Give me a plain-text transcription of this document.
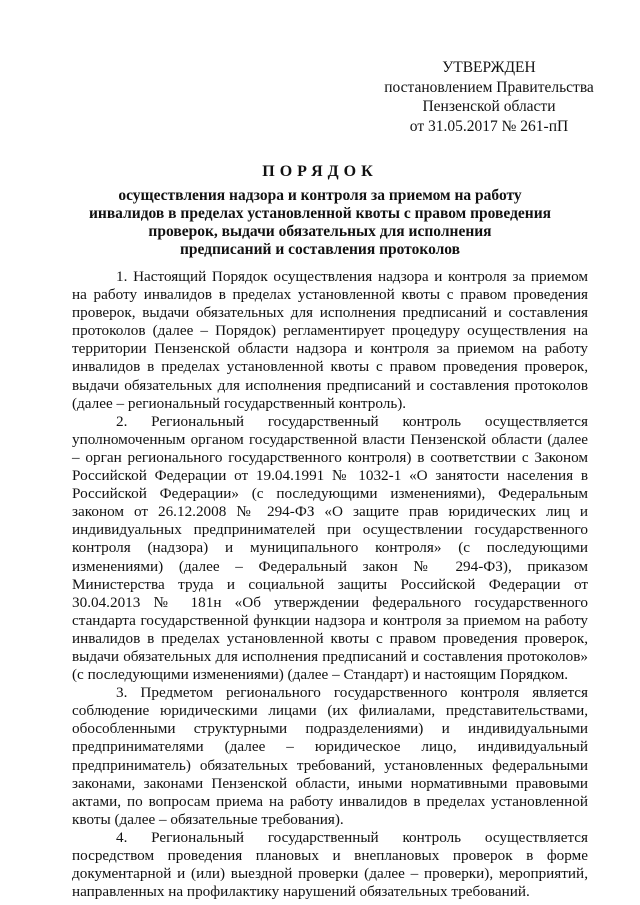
УТВЕРЖДЕН
постановлением Правительства
Пензенской области
от 31.05.2017 № 261-пП
ПОРЯДОК
осуществления надзора и контроля за приемом на работу
инвалидов в пределах установленной квоты с правом проведения
проверок, выдачи обязательных для исполнения
предписаний и составления протоколов

1. Настоящий Порядок осуществления надзора и контроля за приемом на работу инвалидов в пределах установленной квоты с правом проведения проверок, выдачи обязательных для исполнения предписаний и составления протоколов (далее – Порядок) регламентирует процедуру осуществления на территории Пензенской области надзора и контроля за приемом на работу инвалидов в пределах установленной квоты с правом проведения проверок, выдачи обязательных для исполнения предписаний и составления протоколов (далее – региональный государственный контроль).

2. Региональный государственный контроль осуществляется уполномоченным органом государственной власти Пензенской области (далее – орган регионального государственного контроля) в соответствии с Законом Российской Федерации от 19.04.1991 № 1032-1 «О занятости населения в Российской Федерации» (с последующими изменениями), Федеральным законом от 26.12.2008 № 294-ФЗ «О защите прав юридических лиц и индивидуальных предпринимателей при осуществлении государственного контроля (надзора) и муниципального контроля» (с последующими изменениями) (далее – Федеральный закон № 294-ФЗ), приказом Министерства труда и социальной защиты Российской Федерации от 30.04.2013 № 181н «Об утверждении федерального государственного стандарта государственной функции надзора и контроля за приемом на работу инвалидов в пределах установленной квоты с правом проведения проверок, выдачи обязательных для исполнения предписаний и составления протоколов» (с последующими изменениями) (далее – Стандарт) и настоящим Порядком.

3. Предметом регионального государственного контроля является соблюдение юридическими лицами (их филиалами, представительствами, обособленными структурными подразделениями) и индивидуальными предпринимателями (далее – юридическое лицо, индивидуальный предприниматель) обязательных требований, установленных федеральными законами, законами Пензенской области, иными нормативными правовыми актами, по вопросам приема на работу инвалидов в пределах установленной квоты (далее – обязательные требования).

4. Региональный государственный контроль осуществляется посредством проведения плановых и внеплановых проверок в форме документарной и (или) выездной проверки (далее – проверки), мероприятий, направленных на профилактику нарушений обязательных требований.
